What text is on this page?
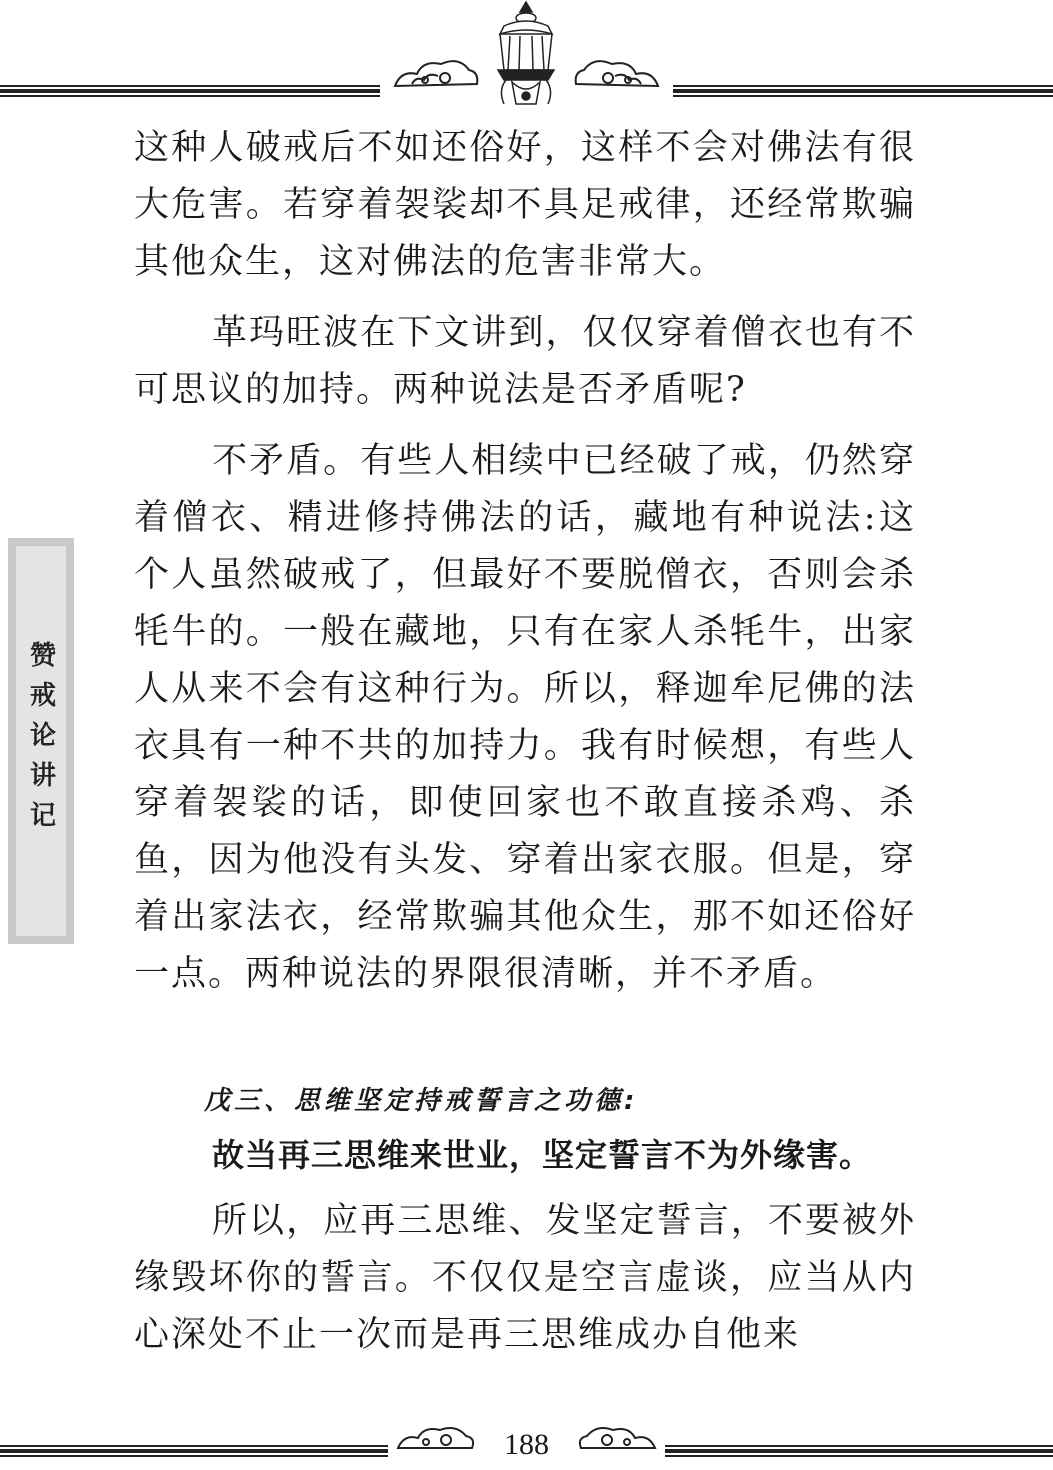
赞戒论讲记

这种人破戒后不如还俗好，这样不会对佛法有很大危害。若穿着袈裟却不具足戒律，还经常欺骗其他众生，这对佛法的危害非常大。

革玛旺波在下文讲到，仅仅穿着僧衣也有不可思议的加持。两种说法是否矛盾呢?

不矛盾。有些人相续中已经破了戒，仍然穿着僧衣、精进修持佛法的话，藏地有种说法:这个人虽然破戒了，但最好不要脱僧衣，否则会杀牦牛的。一般在藏地，只有在家人杀牦牛，出家人从来不会有这种行为。所以，释迦牟尼佛的法衣具有一种不共的加持力。我有时候想，有些人穿着袈裟的话，即使回家也不敢直接杀鸡、杀鱼，因为他没有头发、穿着出家衣服。但是，穿着出家法衣，经常欺骗其他众生，那不如还俗好一点。两种说法的界限很清晰，并不矛盾。

戊三、思维坚定持戒誓言之功德:

故当再三思维来世业，坚定誓言不为外缘害。

所以，应再三思维、发坚定誓言，不要被外缘毁坏你的誓言。不仅仅是空言虚谈，应当从内心深处不止一次而是再三思维成办自他来

188
